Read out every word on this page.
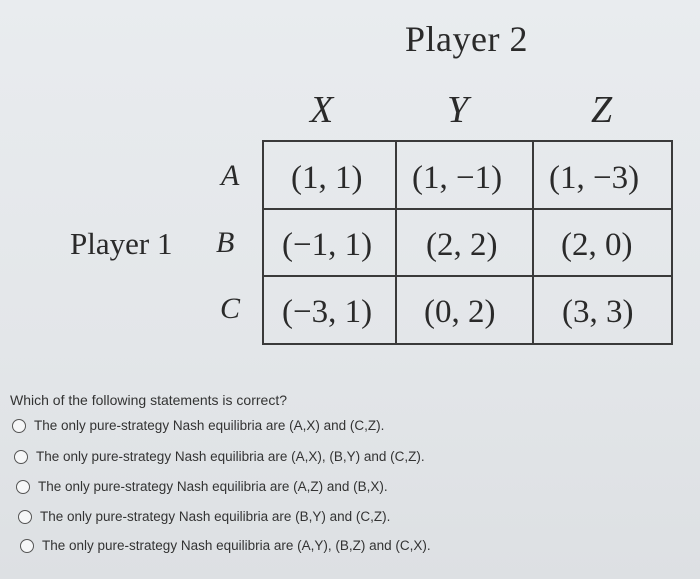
Player 2
X	Y	Z
Player 1
A
B
C
(1, 1) (1, −1) (1, −3)
(−1, 1) (2, 2) (2, 0)
(−3, 1) (0, 2) (3, 3)
Which of the following statements is correct?
The only pure-strategy Nash equilibria are (A,X) and (C,Z).
The only pure-strategy Nash equilibria are (A,X), (B,Y) and (C,Z).
The only pure-strategy Nash equilibria are (A,Z) and (B,X).
The only pure-strategy Nash equilibria are (B,Y) and (C,Z).
The only pure-strategy Nash equilibria are (A,Y), (B,Z) and (C,X).
